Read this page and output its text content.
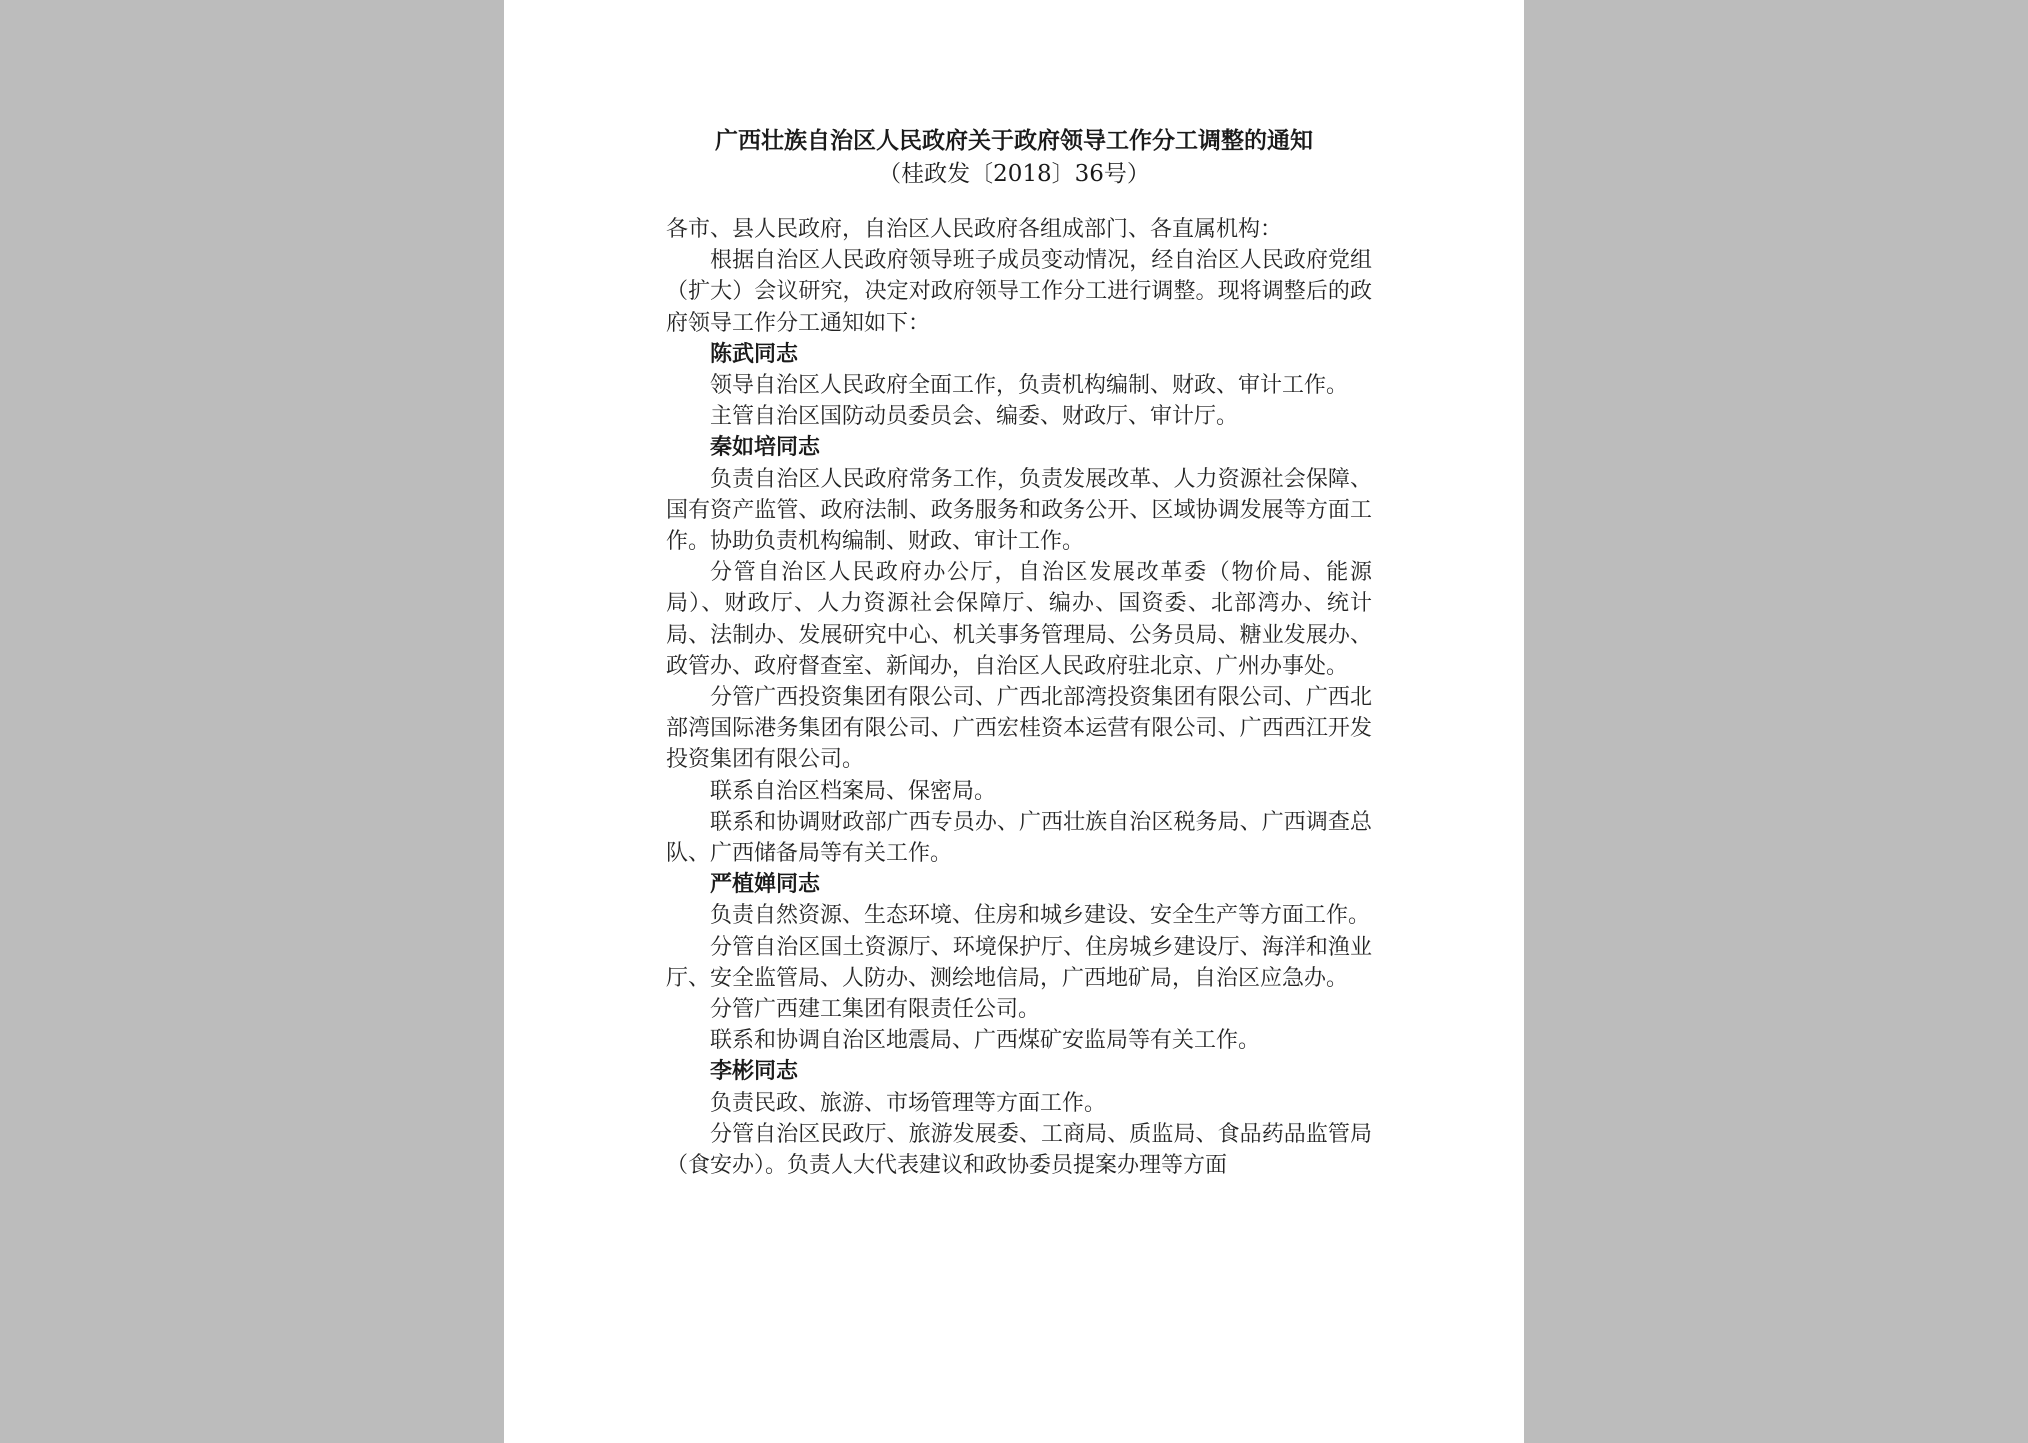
广西壮族自治区人民政府关于政府领导工作分工调整的通知
（桂政发〔2018〕36号）

各市、县人民政府，自治区人民政府各组成部门、各直属机构：

根据自治区人民政府领导班子成员变动情况，经自治区人民政府党组（扩大）会议研究，决定对政府领导工作分工进行调整。现将调整后的政府领导工作分工通知如下：

陈武同志

领导自治区人民政府全面工作，负责机构编制、财政、审计工作。

主管自治区国防动员委员会、编委、财政厅、审计厅。

秦如培同志

负责自治区人民政府常务工作，负责发展改革、人力资源社会保障、国有资产监管、政府法制、政务服务和政务公开、区域协调发展等方面工作。协助负责机构编制、财政、审计工作。

分管自治区人民政府办公厅，自治区发展改革委（物价局、能源局）、财政厅、人力资源社会保障厅、编办、国资委、北部湾办、统计局、法制办、发展研究中心、机关事务管理局、公务员局、糖业发展办、政管办、政府督查室、新闻办，自治区人民政府驻北京、广州办事处。

分管广西投资集团有限公司、广西北部湾投资集团有限公司、广西北部湾国际港务集团有限公司、广西宏桂资本运营有限公司、广西西江开发投资集团有限公司。

联系自治区档案局、保密局。

联系和协调财政部广西专员办、广西壮族自治区税务局、广西调查总队、广西储备局等有关工作。

严植婵同志

负责自然资源、生态环境、住房和城乡建设、安全生产等方面工作。

分管自治区国土资源厅、环境保护厅、住房城乡建设厅、海洋和渔业厅、安全监管局、人防办、测绘地信局，广西地矿局，自治区应急办。

分管广西建工集团有限责任公司。

联系和协调自治区地震局、广西煤矿安监局等有关工作。

李彬同志

负责民政、旅游、市场管理等方面工作。

分管自治区民政厅、旅游发展委、工商局、质监局、食品药品监管局（食安办）。负责人大代表建议和政协委员提案办理等方面
